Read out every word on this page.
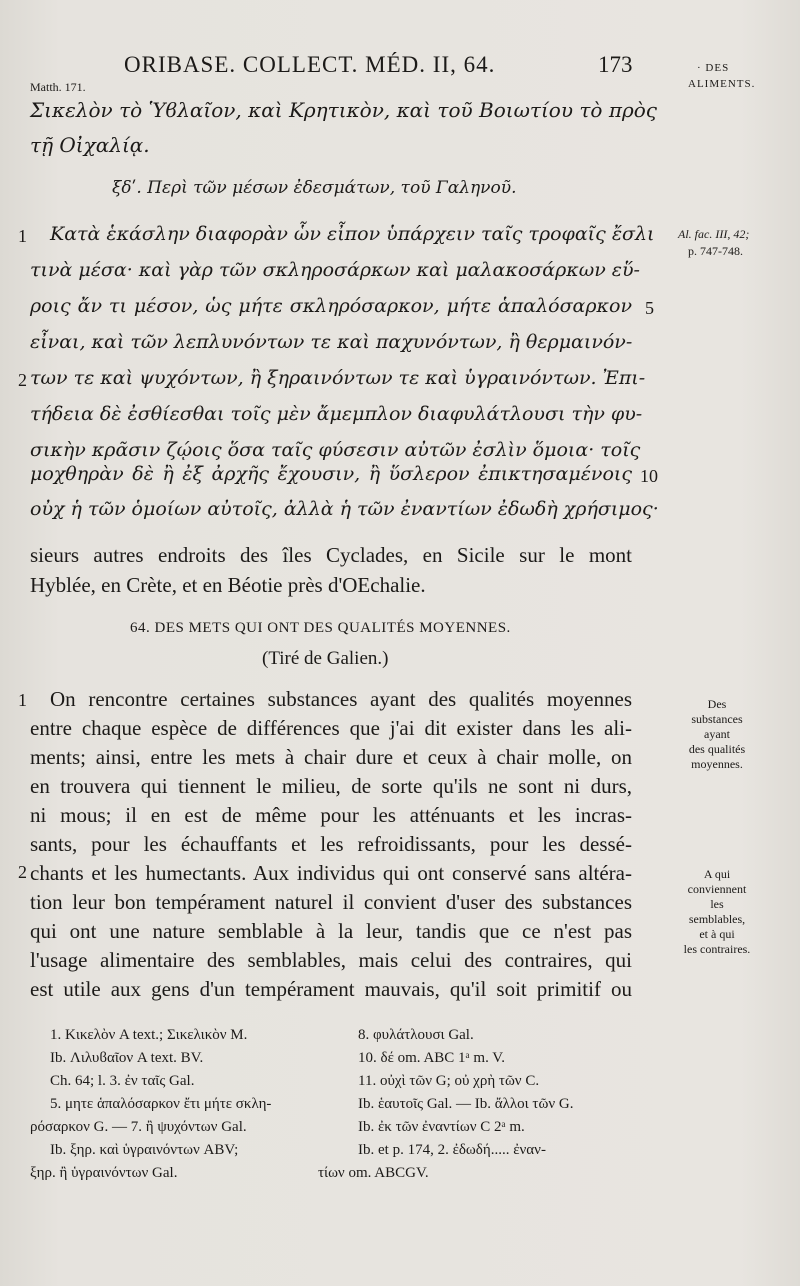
ORIBASE. COLLECT. MÉD. II, 64.	173	· DES
ALIMENTS.
Matth. 171.
Σικελὸν τὸ Ὑϐλαῖον, καὶ Κρητικὸν, καὶ τοῦ Βοιωτίου τὸ πρὸς
τῇ Οἰχαλίᾳ.
ξδʹ. Περὶ τῶν μέσων ἐδεσμάτων, τοῦ Γαληνοῦ.
1
2
5
10
Al. fac. III, 42;
p. 747-748.
Κατὰ ἑκάσλην διαφορὰν ὧν εἶπον ὑπάρχειν ταῖς τροφαῖς ἔσλι
τινὰ μέσα· καὶ γὰρ τῶν σκληροσάρκων καὶ μαλακοσάρκων εὕ-
ροις ἄν τι μέσον, ὡς μήτε σκληρόσαρκον, μήτε ἁπαλόσαρκον
εἶναι, καὶ τῶν λεπλυνόντων τε καὶ παχυνόντων, ἢ θερμαινόν-
των τε καὶ ψυχόντων, ἢ ξηραινόντων τε καὶ ὑγραινόντων. Ἐπι-
τήδεια δὲ ἐσθίεσθαι τοῖς μὲν ἄμεμπλον διαφυλάτλουσι τὴν φυ-
σικὴν κρᾶσιν ζῴοις ὅσα ταῖς φύσεσιν αὐτῶν ἐσλὶν ὅμοια· τοῖς
μοχθηρὰν δὲ ἢ ἐξ ἀρχῆς ἔχουσιν, ἢ ὕσλερον ἐπικτησαμένοις
οὐχ ἡ τῶν ὁμοίων αὐτοῖς, ἀλλὰ ἡ τῶν ἐναντίων ἐδωδὴ χρήσιμος·
sieurs autres endroits des îles Cyclades, en Sicile sur le mont
Hyblée, en Crète, et en Béotie près d'OEchalie.
64. DES METS QUI ONT DES QUALITÉS MOYENNES.
(Tiré de Galien.)
1
2
On rencontre certaines substances ayant des qualités moyennes
entre chaque espèce de différences que j'ai dit exister dans les ali-
ments; ainsi, entre les mets à chair dure et ceux à chair molle, on
en trouvera qui tiennent le milieu, de sorte qu'ils ne sont ni durs,
ni mous; il en est de même pour les atténuants et les incras-
sants, pour les échauffants et les refroidissants, pour les dessé-
chants et les humectants. Aux individus qui ont conservé sans altéra-
tion leur bon tempérament naturel il convient d'user des substances
qui ont une nature semblable à la leur, tandis que ce n'est pas
l'usage alimentaire des semblables, mais celui des contraires, qui
est utile aux gens d'un tempérament mauvais, qu'il soit primitif ou
Des
substances
ayant
des qualités
moyennes.
A qui
conviennent
les
semblables,
et à qui
les contraires.
1. Κικελὸν A text.; Σικελικὸν M.
Ib. Λιλυϐαῖον A text. BV.
Ch. 64; l. 3. ἐν ταῖς Gal.
5. μητε ἁπαλόσαρκον ἔτι μήτε σκλη-
ρόσαρκον G. — 7. ἢ ψυχόντων Gal.
Ib. ξηρ. καὶ ὑγραινόντων ABV;
ξηρ. ἢ ὑγραινόντων Gal.
8. φυλάτλουσι Gal.
10. δέ om. ABC 1ᵃ m. V.
11. οὐχὶ τῶν G; οὐ χρὴ τῶν C.
Ib. ἑαυτοῖς Gal. — Ib. ἄλλοι τῶν G.
Ib. ἐκ τῶν ἐναντίων C 2ᵃ m.
Ib. et p. 174, 2. ἐδωδή..... ἐναν-
τίων om. ABCGV.
